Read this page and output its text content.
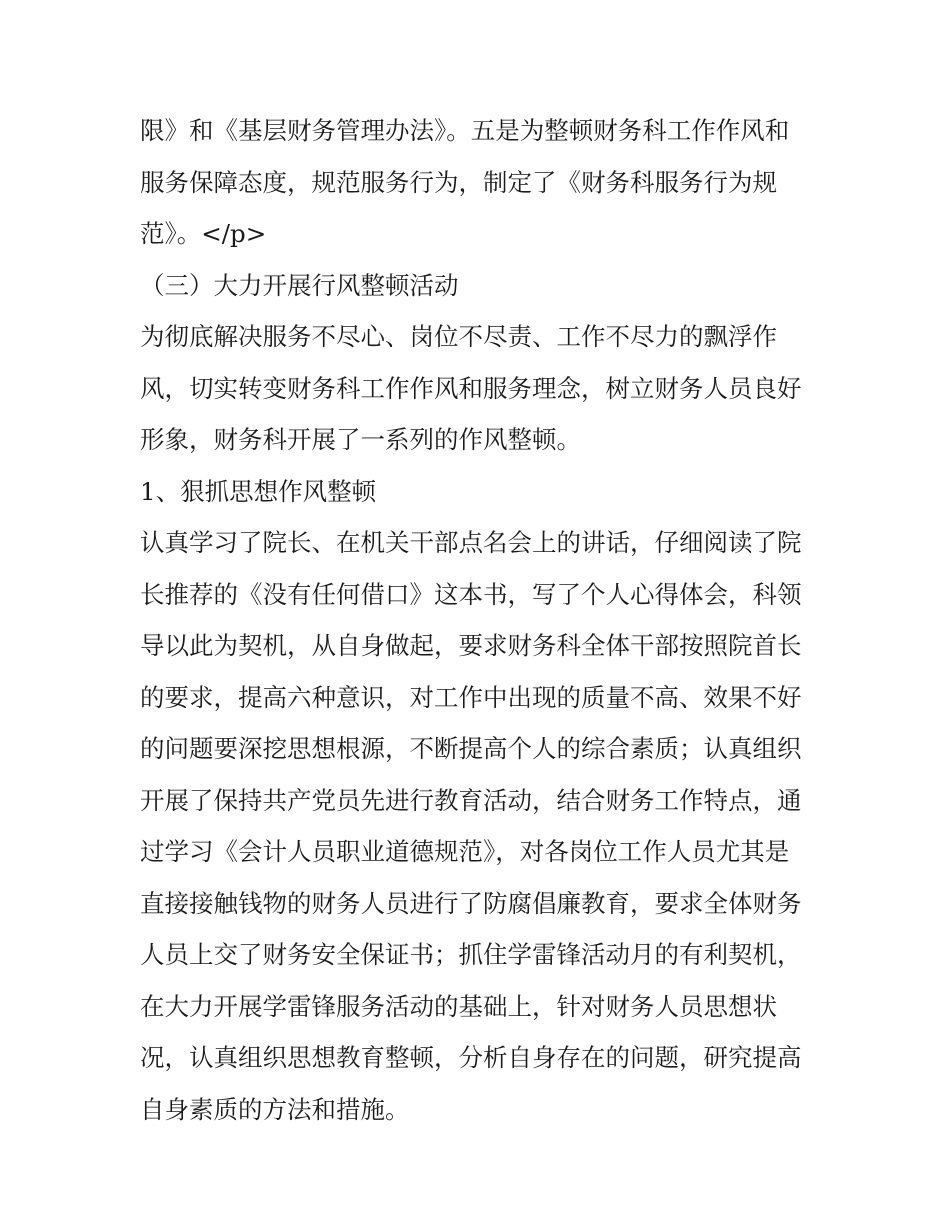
限》和《基层财务管理办法》。五是为整顿财务科工作作风和
服务保障态度，规范服务行为，制定了《财务科服务行为规
范》。</p>
（三）大力开展行风整顿活动
为彻底解决服务不尽心、岗位不尽责、工作不尽力的飘浮作
风，切实转变财务科工作作风和服务理念，树立财务人员良好
形象，财务科开展了一系列的作风整顿。
1、狠抓思想作风整顿
认真学习了院长、在机关干部点名会上的讲话，仔细阅读了院
长推荐的《没有任何借口》这本书，写了个人心得体会，科领
导以此为契机，从自身做起，要求财务科全体干部按照院首长
的要求，提高六种意识，对工作中出现的质量不高、效果不好
的问题要深挖思想根源，不断提高个人的综合素质；认真组织
开展了保持共产党员先进行教育活动，结合财务工作特点，通
过学习《会计人员职业道德规范》，对各岗位工作人员尤其是
直接接触钱物的财务人员进行了防腐倡廉教育，要求全体财务
人员上交了财务安全保证书；抓住学雷锋活动月的有利契机，
在大力开展学雷锋服务活动的基础上，针对财务人员思想状
况，认真组织思想教育整顿，分析自身存在的问题，研究提高
自身素质的方法和措施。
